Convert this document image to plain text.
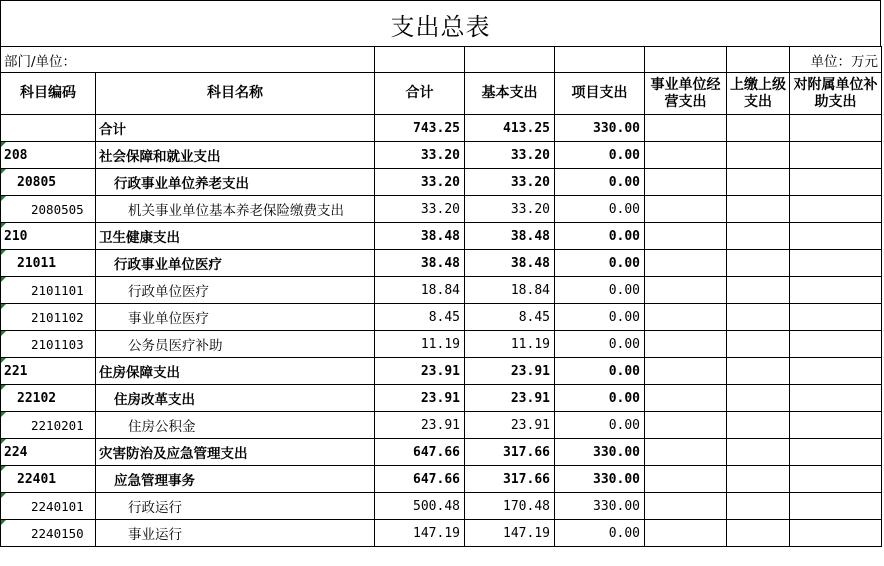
支出总表
部门/单位：							单位：万元
科目编码	科目名称	合计	基本支出	项目支出	事业单位经营支出	上缴上级支出	对附属单位补助支出
	合计	743.25	413.25	330.00			
208	社会保障和就业支出	33.20	33.20	0.00			
20805	行政事业单位养老支出	33.20	33.20	0.00			
2080505	机关事业单位基本养老保险缴费支出	33.20	33.20	0.00			
210	卫生健康支出	38.48	38.48	0.00			
21011	行政事业单位医疗	38.48	38.48	0.00			
2101101	行政单位医疗	18.84	18.84	0.00			
2101102	事业单位医疗	8.45	8.45	0.00			
2101103	公务员医疗补助	11.19	11.19	0.00			
221	住房保障支出	23.91	23.91	0.00			
22102	住房改革支出	23.91	23.91	0.00			
2210201	住房公积金	23.91	23.91	0.00			
224	灾害防治及应急管理支出	647.66	317.66	330.00			
22401	应急管理事务	647.66	317.66	330.00			
2240101	行政运行	500.48	170.48	330.00			
2240150	事业运行	147.19	147.19	0.00			
